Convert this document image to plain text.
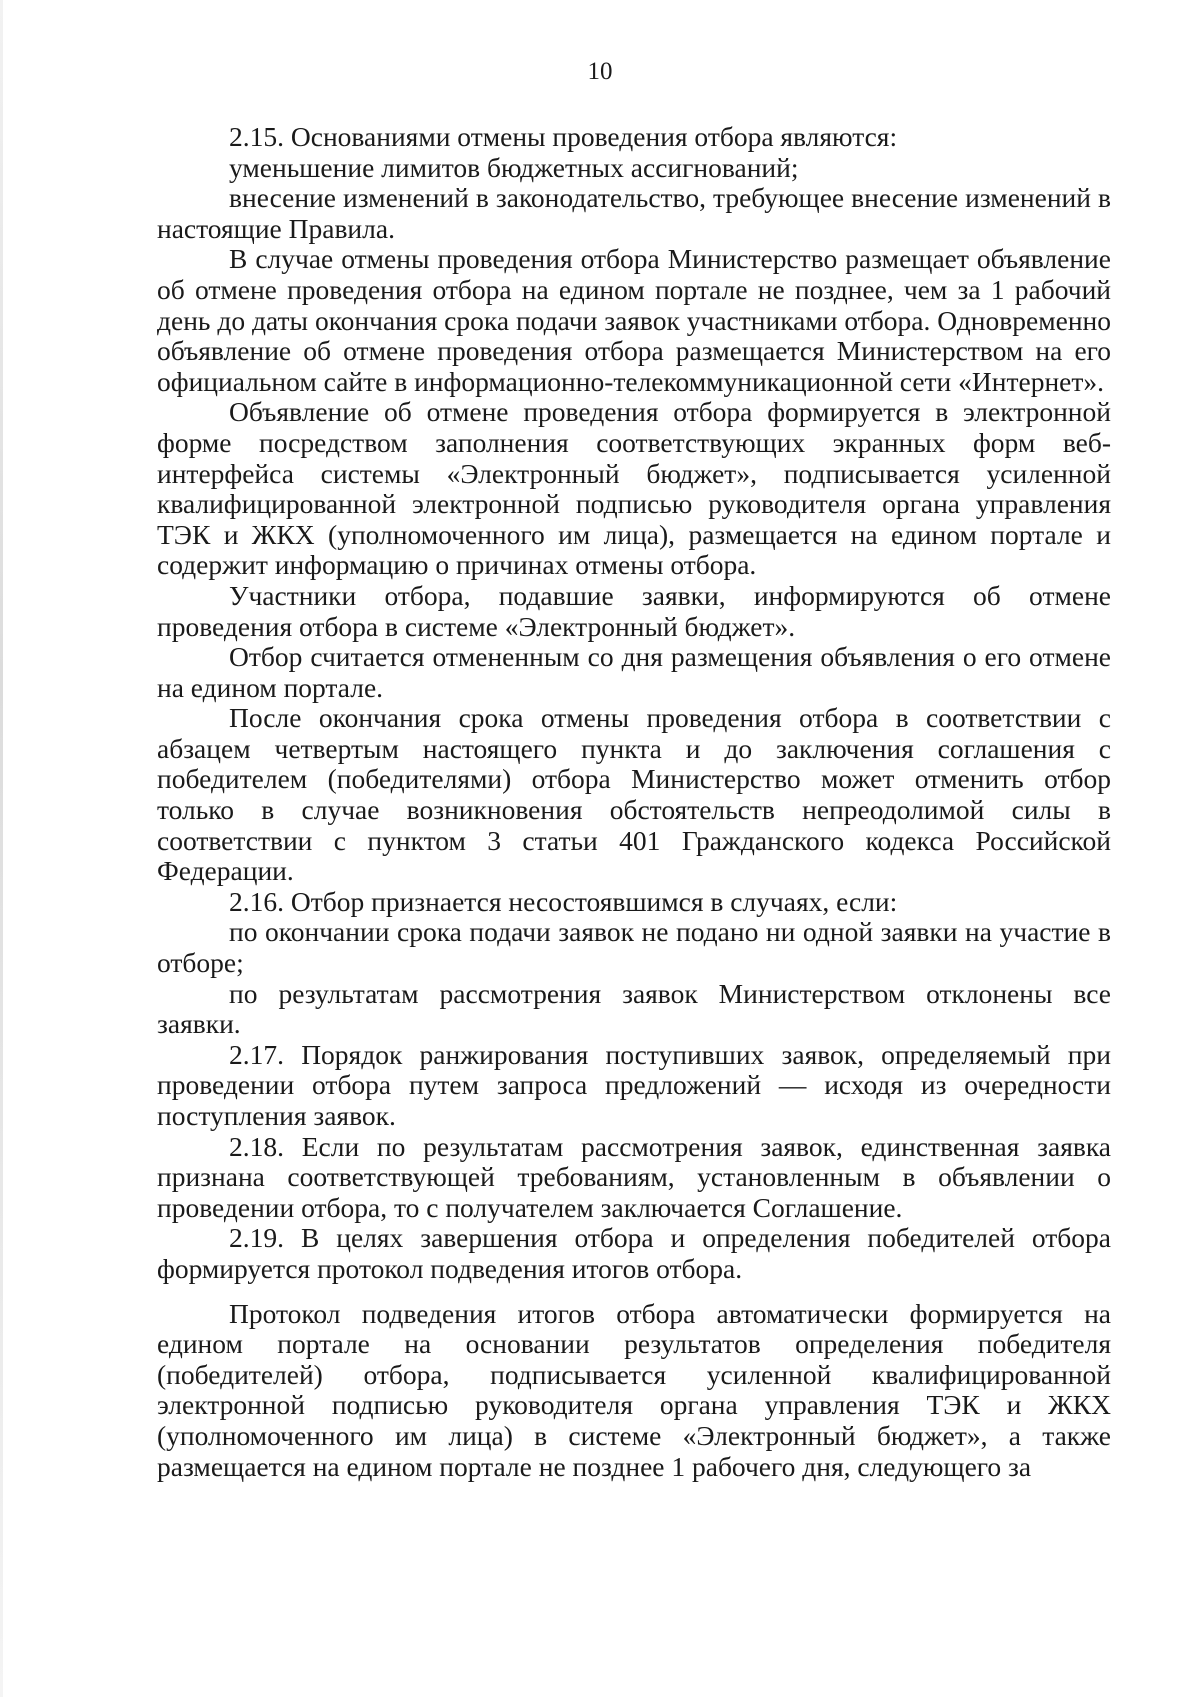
10

2.15. Основаниями отмены проведения отбора являются:

уменьшение лимитов бюджетных ассигнований;

внесение изменений в законодательство, требующее внесение изменений в настоящие Правила.

В случае отмены проведения отбора Министерство размещает объявление об отмене проведения отбора на едином портале не позднее, чем за 1 рабочий день до даты окончания срока подачи заявок участниками отбора. Одновременно объявление об отмене проведения отбора размещается Министерством на его официальном сайте в информационно-телекоммуникационной сети «Интернет».

Объявление об отмене проведения отбора формируется в электронной форме посредством заполнения соответствующих экранных форм веб-интерфейса системы «Электронный бюджет», подписывается усиленной квалифицированной электронной подписью руководителя органа управления ТЭК и ЖКХ (уполномоченного им лица), размещается на едином портале и содержит информацию о причинах отмены отбора.

Участники отбора, подавшие заявки, информируются об отмене проведения отбора в системе «Электронный бюджет».

Отбор считается отмененным со дня размещения объявления о его отмене на едином портале.

После окончания срока отмены проведения отбора в соответствии с абзацем четвертым настоящего пункта и до заключения соглашения с победителем (победителями) отбора Министерство может отменить отбор только в случае возникновения обстоятельств непреодолимой силы в соответствии с пунктом 3 статьи 401 Гражданского кодекса Российской Федерации.

2.16. Отбор признается несостоявшимся в случаях, если:

по окончании срока подачи заявок не подано ни одной заявки на участие в отборе;

по результатам рассмотрения заявок Министерством отклонены все заявки.

2.17. Порядок ранжирования поступивших заявок, определяемый при проведении отбора путем запроса предложений — исходя из очередности поступления заявок.

2.18. Если по результатам рассмотрения заявок, единственная заявка признана соответствующей требованиям, установленным в объявлении о проведении отбора, то с получателем заключается Соглашение.

2.19. В целях завершения отбора и определения победителей отбора формируется протокол подведения итогов отбора.

Протокол подведения итогов отбора автоматически формируется на едином портале на основании результатов определения победителя (победителей) отбора, подписывается усиленной квалифицированной электронной подписью руководителя органа управления ТЭК и ЖКХ (уполномоченного им лица) в системе «Электронный бюджет», а также размещается на едином портале не позднее 1 рабочего дня, следующего за
